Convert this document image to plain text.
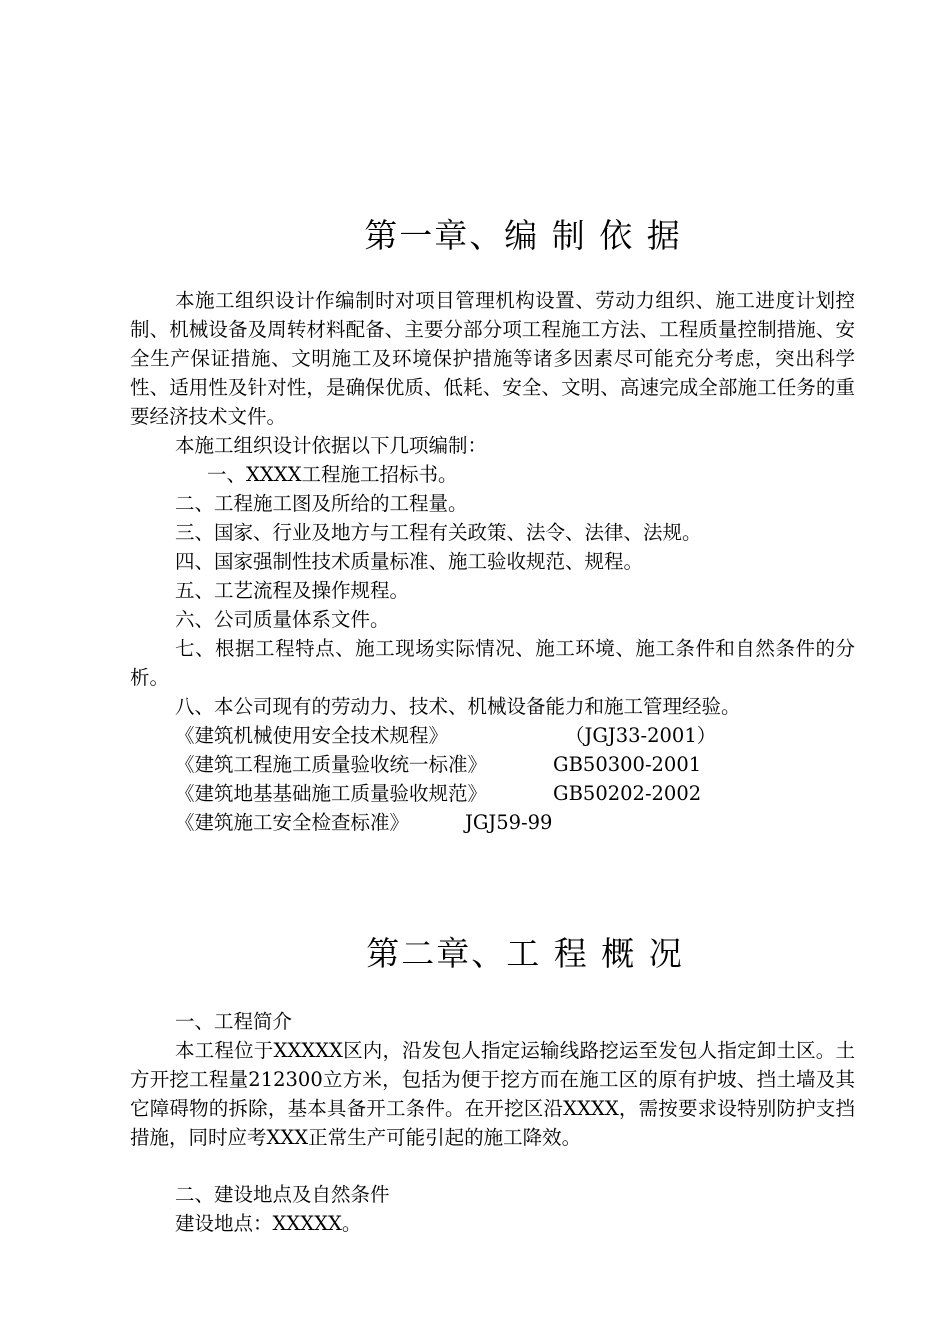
第一章、编 制 依 据

本施工组织设计作编制时对项目管理机构设置、劳动力组织、施工进度计划控制、机械设备及周转材料配备、主要分部分项工程施工方法、工程质量控制措施、安全生产保证措施、文明施工及环境保护措施等诸多因素尽可能充分考虑，突出科学性、适用性及针对性，是确保优质、低耗、安全、文明、高速完成全部施工任务的重要经济技术文件。

本施工组织设计依据以下几项编制：

一、XXXX工程施工招标书。

二、工程施工图及所给的工程量。

三、国家、行业及地方与工程有关政策、法令、法律、法规。

四、国家强制性技术质量标准、施工验收规范、规程。

五、工艺流程及操作规程。

六、公司质量体系文件。

七、根据工程特点、施工现场实际情况、施工环境、施工条件和自然条件的分析。

八、本公司现有的劳动力、技术、机械设备能力和施工管理经验。

《建筑机械使用安全技术规程》	（JGJ33-2001）
《建筑工程施工质量验收统一标准》	GB50300-2001
《建筑地基基础施工质量验收规范》	GB50202-2002
《建筑施工安全检查标准》	JGJ59-99
第二章、工 程 概 况

一、工程简介

本工程位于XXXXX区内，沿发包人指定运输线路挖运至发包人指定卸土区。土方开挖工程量212300立方米，包括为便于挖方而在施工区的原有护坡、挡土墙及其它障碍物的拆除，基本具备开工条件。在开挖区沿XXXX，需按要求设特别防护支挡措施，同时应考XXX正常生产可能引起的施工降效。

二、建设地点及自然条件

建设地点：XXXXX。
